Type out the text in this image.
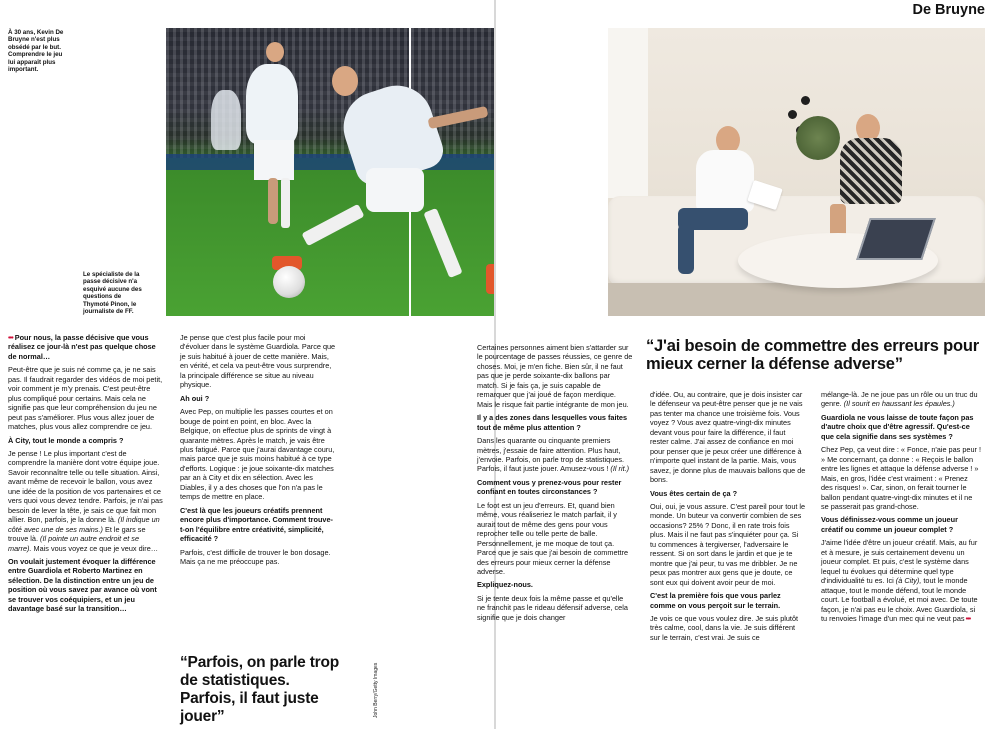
À 30 ans, Kevin De Bruyne n'est plus obsédé par le but. Comprendre le jeu lui apparaît plus important.
Le spécialiste de la passe décisive n'a esquivé aucune des questions de Thymoté Pinon, le journaliste de FF.
John Berry/Getty Images

••• Pour nous, la passe décisive que vous réalisez ce jour-là n'est pas quelque chose de normal…

Peut-être que je suis né comme ça, je ne sais pas. Il faudrait regarder des vidéos de moi petit, voir comment je m'y prenais. C'est peut-être plus compliqué pour certains. Mais cela ne signifie pas que leur compréhension du jeu ne peut pas s'améliorer. Plus vous allez jouer de matches, plus vous allez comprendre ce jeu.

À City, tout le monde a compris ?

Je pense ! Le plus important c'est de comprendre la manière dont votre équipe joue. Savoir reconnaître telle ou telle situation. Ainsi, avant même de recevoir le ballon, vous avez une idée de la position de vos partenaires et ce vers quoi vous devez tendre. Parfois, je n'ai pas besoin de lever la tête, je sais ce que fait mon aîlier. Bon, parfois, je la donne là. (Il indique un côté avec une de ses mains.) Et le gars se trouve là. (Il pointe un autre endroit et se marre). Mais vous voyez ce que je veux dire…

On voulait justement évoquer la différence entre Guardiola et Roberto Martinez en sélection. De la distinction entre un jeu de position où vous savez par avance où vont se trouver vos coéquipiers, et un jeu davantage basé sur la transition…

Je pense que c'est plus facile pour moi d'évoluer dans le système Guardiola. Parce que je suis habitué à jouer de cette manière. Mais, en vérité, et cela va peut-être vous surprendre, la principale différence se situe au niveau physique.

Ah oui ?

Avec Pep, on multiplie les passes courtes et on bouge de point en point, en bloc. Avec la Belgique, on effectue plus de sprints de vingt à quarante mètres. Après le match, je vais être plus fatigué. Parce que j'aurai davantage couru, mais parce que je suis moins habitué à ce type d'efforts. Logique : je joue soixante-dix matches par an à City et dix en sélection. Avec les Diables, il y a des choses que l'on n'a pas le temps de mettre en place.

C'est là que les joueurs créatifs prennent encore plus d'importance. Comment trouve-t-on l'équilibre entre créativité, simplicité, efficacité ?

Parfois, c'est difficile de trouver le bon dosage. Mais ça ne me préoccupe pas.

“Parfois, on parle trop de statistiques. Parfois, il faut juste jouer”
De Bruyne
“J'ai besoin de commettre des erreurs pour mieux cerner la défense adverse”

Certaines personnes aiment bien s'attarder sur le pourcentage de passes réussies, ce genre de choses. Moi, je m'en fiche. Bien sûr, il ne faut pas que je perde soixante-dix ballons par match. Si je fais ça, je suis capable de remarquer que j'ai joué de façon merdique. Mais le risque fait partie intégrante de mon jeu.

Il y a des zones dans lesquelles vous faites tout de même plus attention ?

Dans les quarante ou cinquante premiers mètres, j'essaie de faire attention. Plus haut, j'envoie. Parfois, on parle trop de statistiques. Parfois, il faut juste jouer. Amusez-vous ! (Il rit.)

Comment vous y prenez-vous pour rester confiant en toutes circonstances ?

Le foot est un jeu d'erreurs. Et, quand bien même, vous réaliseriez le match parfait, il y aurait tout de même des gens pour vous reprocher telle ou telle perte de balle. Personnellement, je me moque de tout ça. Parce que je sais que j'ai besoin de commettre des erreurs pour mieux cerner la défense adverse.

Expliquez-nous.

Si je tente deux fois la même passe et qu'elle ne franchit pas le rideau défensif adverse, cela signifie que je dois changer

d'idée. Ou, au contraire, que je dois insister car le défenseur va peut-être penser que je ne vais pas tenter ma chance une troisième fois. Vous voyez ? Vous avez quatre-vingt-dix minutes devant vous pour faire la différence, il faut rester calme. J'ai assez de confiance en moi pour penser que je peux créer une différence à n'importe quel instant de la partie. Mais, vous savez, je donne plus de mauvais ballons que de bons.

Vous êtes certain de ça ?

Oui, oui, je vous assure. C'est pareil pour tout le monde. Un buteur va convertir combien de ses occasions? 25% ? Donc, il en rate trois fois plus. Mais il ne faut pas s'inquiéter pour ça. Si tu commences à tergiverser, l'adversaire le ressent. Si on sort dans le jardin et que je te montre que j'ai peur, tu vas me dribbler. Je ne peux pas montrer aux gens que je doute, ce sont eux qui doivent avoir peur de moi.

C'est la première fois que vous parlez comme on vous perçoit sur le terrain.

Je vois ce que vous voulez dire. Je suis plutôt très calme, cool, dans la vie. Je suis différent sur le terrain, c'est vrai. Je suis ce

mélange-là. Je ne joue pas un rôle ou un truc du genre. (Il sourit en haussant les épaules.)

Guardiola ne vous laisse de toute façon pas d'autre choix que d'être agressif. Qu'est-ce que cela signifie dans ses systèmes ?

Chez Pep, ça veut dire : « Fonce, n'aie pas peur ! » Me concernant, ça donne : « Reçois le ballon entre les lignes et attaque la défense adverse ! » Mais, en gros, l'idée c'est vraiment : « Prenez des risques! ». Car, sinon, on ferait tourner le ballon pendant quatre-vingt-dix minutes et il ne se passerait pas grand-chose.

Vous définissez-vous comme un joueur créatif ou comme un joueur complet ?

J'aime l'idée d'être un joueur créatif. Mais, au fur et à mesure, je suis certainement devenu un joueur complet. Et puis, c'est le système dans lequel tu évolues qui détermine quel type d'individualité tu es. Ici (à City), tout le monde attaque, tout le monde défend, tout le monde court. Le football a évolué, et moi avec. De toute façon, je n'ai pas eu le choix. Avec Guardiola, si tu renvoies l'image d'un mec qui ne veut pas •••
